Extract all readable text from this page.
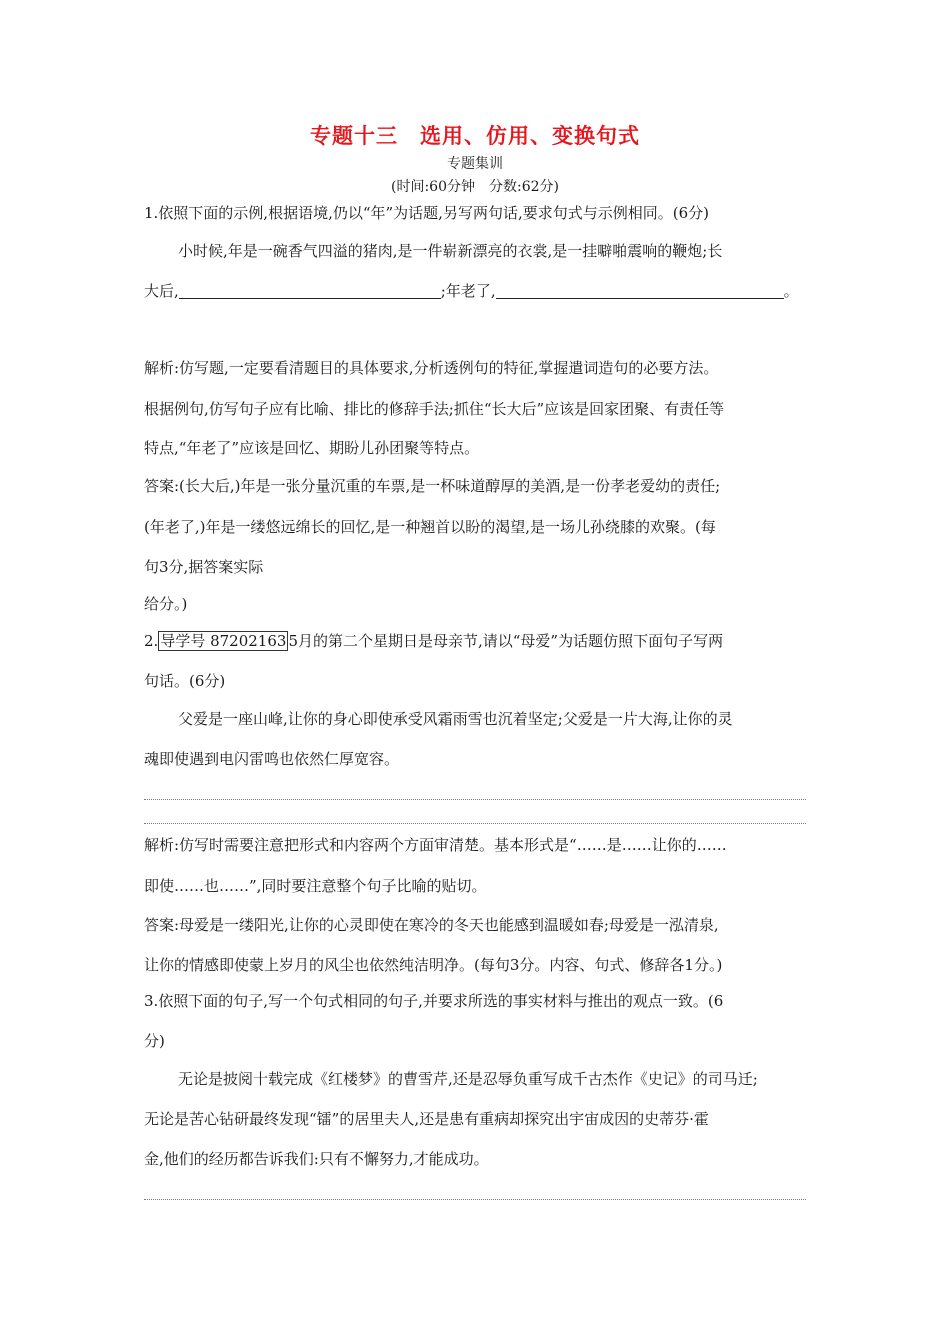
专题十三 选用、仿用、变换句式
专题集训
(时间:60分钟 分数:62分)
1.依照下面的示例,根据语境,仍以“年”为话题,另写两句话,要求句式与示例相同。(6分)
小时候,年是一碗香气四溢的猪肉,是一件崭新漂亮的衣裳,是一挂噼啪震响的鞭炮;长
大后,	;年老了,	。
解析:仿写题,一定要看清题目的具体要求,分析透例句的特征,掌握遣词造句的必要方法。
根据例句,仿写句子应有比喻、排比的修辞手法;抓住“长大后”应该是回家团聚、有责任等
特点,“年老了”应该是回忆、期盼儿孙团聚等特点。
答案:(长大后,)年是一张分量沉重的车票,是一杯味道醇厚的美酒,是一份孝老爱幼的责任;
(年老了,)年是一缕悠远绵长的回忆,是一种翘首以盼的渴望,是一场儿孙绕膝的欢聚。(每
句3分,据答案实际
给分。)
2. 导学号 87202163 5月的第二个星期日是母亲节,请以“母爱”为话题仿照下面句子写两
句话。(6分)
父爱是一座山峰,让你的身心即使承受风霜雨雪也沉着坚定;父爱是一片大海,让你的灵
魂即使遇到电闪雷鸣也依然仁厚宽容。
解析:仿写时需要注意把形式和内容两个方面审清楚。基本形式是“……是……让你的……
即使……也……”,同时要注意整个句子比喻的贴切。
答案:母爱是一缕阳光,让你的心灵即使在寒冷的冬天也能感到温暖如春;母爱是一泓清泉,
让你的情感即使蒙上岁月的风尘也依然纯洁明净。(每句3分。内容、句式、修辞各1分。)
3.依照下面的句子,写一个句式相同的句子,并要求所选的事实材料与推出的观点一致。(6
分)
无论是披阅十载完成《红楼梦》的曹雪芹,还是忍辱负重写成千古杰作《史记》的司马迁;
无论是苦心钻研最终发现“镭”的居里夫人,还是患有重病却探究出宇宙成因的史蒂芬·霍
金,他们的经历都告诉我们:只有不懈努力,才能成功。
